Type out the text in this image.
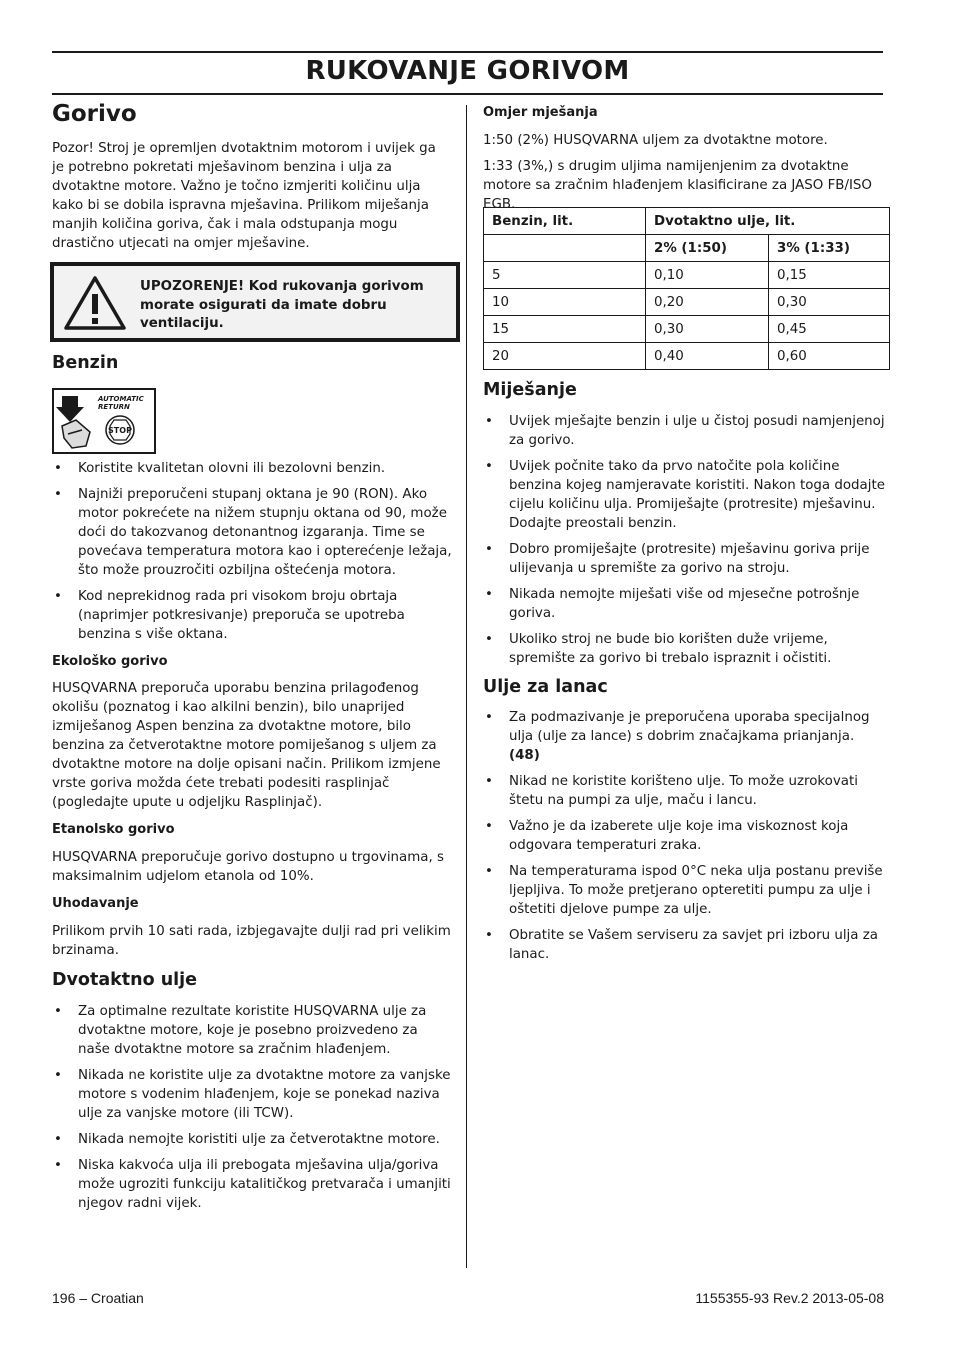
RUKOVANJE GORIVOM
Gorivo

Pozor! Stroj je opremljen dvotaktnim motorom i uvijek ga je potrebno pokretati mješavinom benzina i ulja za dvotaktne motore. Važno je točno izmjeriti količinu ulja kako bi se dobila ispravna mješavina. Prilikom miješanja manjih količina goriva, čak i mala odstupanja mogu drastično utjecati na omjer mješavine.

UPOZORENJE! Kod rukovanja gorivom morate osigurati da imate dobru ventilaciju.
Benzin
AUTOMATIC
RETURN
STOP
• Koristite kvalitetan olovni ili bezolovni benzin.
• Najniži preporučeni stupanj oktana je 90 (RON). Ako motor pokrećete na nižem stupnju oktana od 90, može doći do takozvanog detonantnog izgaranja. Time se povećava temperatura motora kao i opterećenje ležaja, što može prouzročiti ozbiljna oštećenja motora.
• Kod neprekidnog rada pri visokom broju obrtaja (naprimjer potkresivanje) preporuča se upotreba benzina s više oktana.
Ekološko gorivo

HUSQVARNA preporuča uporabu benzina prilagođenog okolišu (poznatog i kao alkilni benzin), bilo unaprijed izmiješanog Aspen benzina za dvotaktne motore, bilo benzina za četverotaktne motore pomiješanog s uljem za dvotaktne motore na dolje opisani način. Prilikom izmjene vrste goriva možda ćete trebati podesiti rasplinjač (pogledajte upute u odjeljku Rasplinjač).

Etanolsko gorivo

HUSQVARNA preporučuje gorivo dostupno u trgovinama, s maksimalnim udjelom etanola od 10%.

Uhodavanje

Prilikom prvih 10 sati rada, izbjegavajte dulji rad pri velikim brzinama.

Dvotaktno ulje
• Za optimalne rezultate koristite HUSQVARNA ulje za dvotaktne motore, koje je posebno proizvedeno za naše dvotaktne motore sa zračnim hlađenjem.
• Nikada ne koristite ulje za dvotaktne motore za vanjske motore s vodenim hlađenjem, koje se ponekad naziva ulje za vanjske motore (ili TCW).
• Nikada nemojte koristiti ulje za četverotaktne motore.
• Niska kakvoća ulja ili prebogata mješavina ulja/goriva može ugroziti funkciju katalitičkog pretvarača i umanjiti njegov radni vijek.
Omjer mješanja

1:50 (2%) HUSQVARNA uljem za dvotaktne motore.

1:33 (3%,) s drugim uljima namijenjenim za dvotaktne motore sa zračnim hlađenjem klasificirane za JASO FB/ISO EGB.

Benzin, lit.	Dvotaktno ulje, lit.	
	2% (1:50)	3% (1:33)
5	0,10	0,15
10	0,20	0,30
15	0,30	0,45
20	0,40	0,60
Miješanje
• Uvijek mješajte benzin i ulje u čistoj posudi namjenjenoj za gorivo.
• Uvijek počnite tako da prvo natočite pola količine benzina kojeg namjeravate koristiti. Nakon toga dodajte cijelu količinu ulja. Promiješajte (protresite) mješavinu. Dodajte preostali benzin.
• Dobro promiješajte (protresite) mješavinu goriva prije ulijevanja u spremište za gorivo na stroju.
• Nikada nemojte miješati više od mjesečne potrošnje goriva.
• Ukoliko stroj ne bude bio korišten duže vrijeme, spremište za gorivo bi trebalo ispraznit i očistiti.
Ulje za lanac
• Za podmazivanje je preporučena uporaba specijalnog ulja (ulje za lance) s dobrim značajkama prianjanja. (48)
• Nikad ne koristite korišteno ulje. To može uzrokovati štetu na pumpi za ulje, maču i lancu.
• Važno je da izaberete ulje koje ima viskoznost koja odgovara temperaturi zraka.
• Na temperaturama ispod 0°C neka ulja postanu previše ljepljiva. To može pretjerano opteretiti pumpu za ulje i oštetiti djelove pumpe za ulje.
• Obratite se Vašem serviseru za savjet pri izboru ulja za lanac.
196 – Croatian	1155355-93 Rev.2 2013-05-08
